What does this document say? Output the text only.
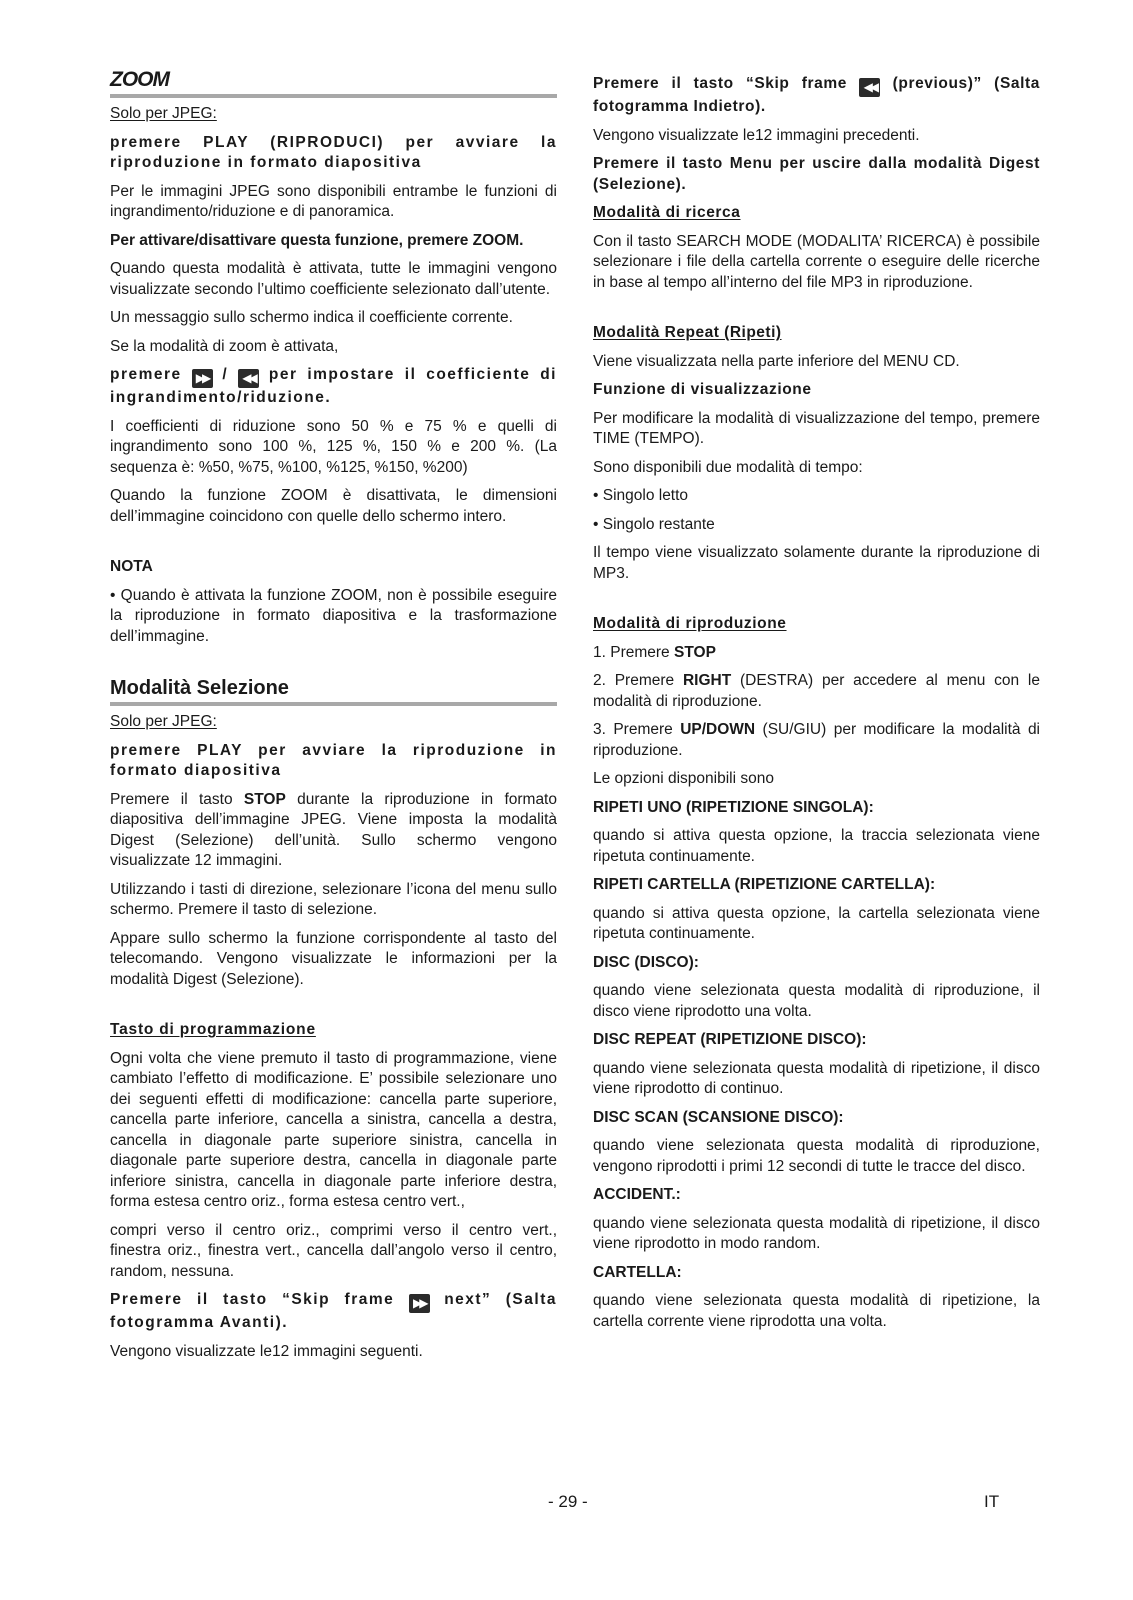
ZOOM

Solo per JPEG:

premere PLAY (RIPRODUCI) per avviare la riproduzione in formato diapositiva

Per le immagini JPEG sono disponibili entrambe le funzioni di ingrandimento/riduzione e di panoramica.

Per attivare/disattivare questa funzione, premere ZOOM.

Quando questa modalità è attivata, tutte le immagini vengono visualizzate secondo l’ultimo coefficiente selezionato dall’utente.

Un messaggio sullo schermo indica il coefficiente corrente.

Se la modalità di zoom è attivata,

premere ▶▶ / ◀◀ per impostare il coefficiente di ingrandimento/riduzione.

I coefficienti di riduzione sono 50 % e 75 % e quelli di ingrandimento sono 100 %, 125 %, 150 % e 200 %. (La sequenza è: %50, %75, %100, %125, %150, %200)

Quando la funzione ZOOM è disattivata, le dimensioni dell’immagine coincidono con quelle dello schermo intero.

NOTA

• Quando è attivata la funzione ZOOM, non è possibile eseguire la riproduzione in formato diapositiva e la trasformazione dell’immagine.

Modalità Selezione

Solo per JPEG:

premere PLAY per avviare la riproduzione in formato diapositiva

Premere il tasto STOP durante la riproduzione in formato diapositiva dell’immagine JPEG. Viene imposta la modalità Digest (Selezione) dell’unità. Sullo schermo vengono visualizzate 12 immagini.

Utilizzando i tasti di direzione, selezionare l’icona del menu sullo schermo. Premere il tasto di selezione.

Appare sullo schermo la funzione corrispondente al tasto del telecomando. Vengono visualizzate le informazioni per la modalità Digest (Selezione).

Tasto di programmazione

Ogni volta che viene premuto il tasto di programmazione, viene cambiato l’effetto di modificazione. E’ possibile selezionare uno dei seguenti effetti di modificazione: cancella parte superiore, cancella parte inferiore, cancella a sinistra, cancella a destra, cancella in diagonale parte superiore sinistra, cancella in diagonale parte superiore destra, cancella in diagonale parte inferiore sinistra, cancella in diagonale parte inferiore destra, forma estesa centro oriz., forma estesa centro vert.,

compri verso il centro oriz., comprimi verso il centro vert., finestra oriz., finestra vert., cancella dall’angolo verso il centro, random, nessuna.

Premere il tasto “Skip frame ▶▶ next” (Salta fotogramma Avanti).

Vengono visualizzate le12 immagini seguenti.

Premere il tasto “Skip frame ◀◀ (previous)” (Salta fotogramma Indietro).

Vengono visualizzate le12 immagini precedenti.

Premere il tasto Menu per uscire dalla modalità Digest (Selezione).

Modalità di ricerca

Con il tasto SEARCH MODE (MODALITA’ RICERCA) è possibile selezionare i file della cartella corrente o eseguire delle ricerche in base al tempo all’interno del file MP3 in riproduzione.

Modalità Repeat (Ripeti)

Viene visualizzata nella parte inferiore del MENU CD.

Funzione di visualizzazione

Per modificare la modalità di visualizzazione del tempo, premere TIME (TEMPO).

Sono disponibili due modalità di tempo:

• Singolo letto

• Singolo restante

Il tempo viene visualizzato solamente durante la riproduzione di MP3.

Modalità di riproduzione

1. Premere STOP

2. Premere RIGHT (DESTRA) per accedere al menu con le modalità di riproduzione.

3. Premere UP/DOWN (SU/GIU) per modificare la modalità di riproduzione.

Le opzioni disponibili sono

RIPETI UNO (RIPETIZIONE SINGOLA):

quando si attiva questa opzione, la traccia selezionata viene ripetuta continuamente.

RIPETI CARTELLA (RIPETIZIONE CARTELLA):

quando si attiva questa opzione, la cartella selezionata viene ripetuta continuamente.

DISC (DISCO):

quando viene selezionata questa modalità di riproduzione, il disco viene riprodotto una volta.

DISC REPEAT (RIPETIZIONE DISCO):

quando viene selezionata questa modalità di ripetizione, il disco viene riprodotto di continuo.

DISC SCAN (SCANSIONE DISCO):

quando viene selezionata questa modalità di riproduzione, vengono riprodotti i primi 12 secondi di tutte le tracce del disco.

ACCIDENT.:

quando viene selezionata questa modalità di ripetizione, il disco viene riprodotto in modo random.

CARTELLA:

quando viene selezionata questa modalità di ripetizione, la cartella corrente viene riprodotta una volta.

- 29 -	IT
